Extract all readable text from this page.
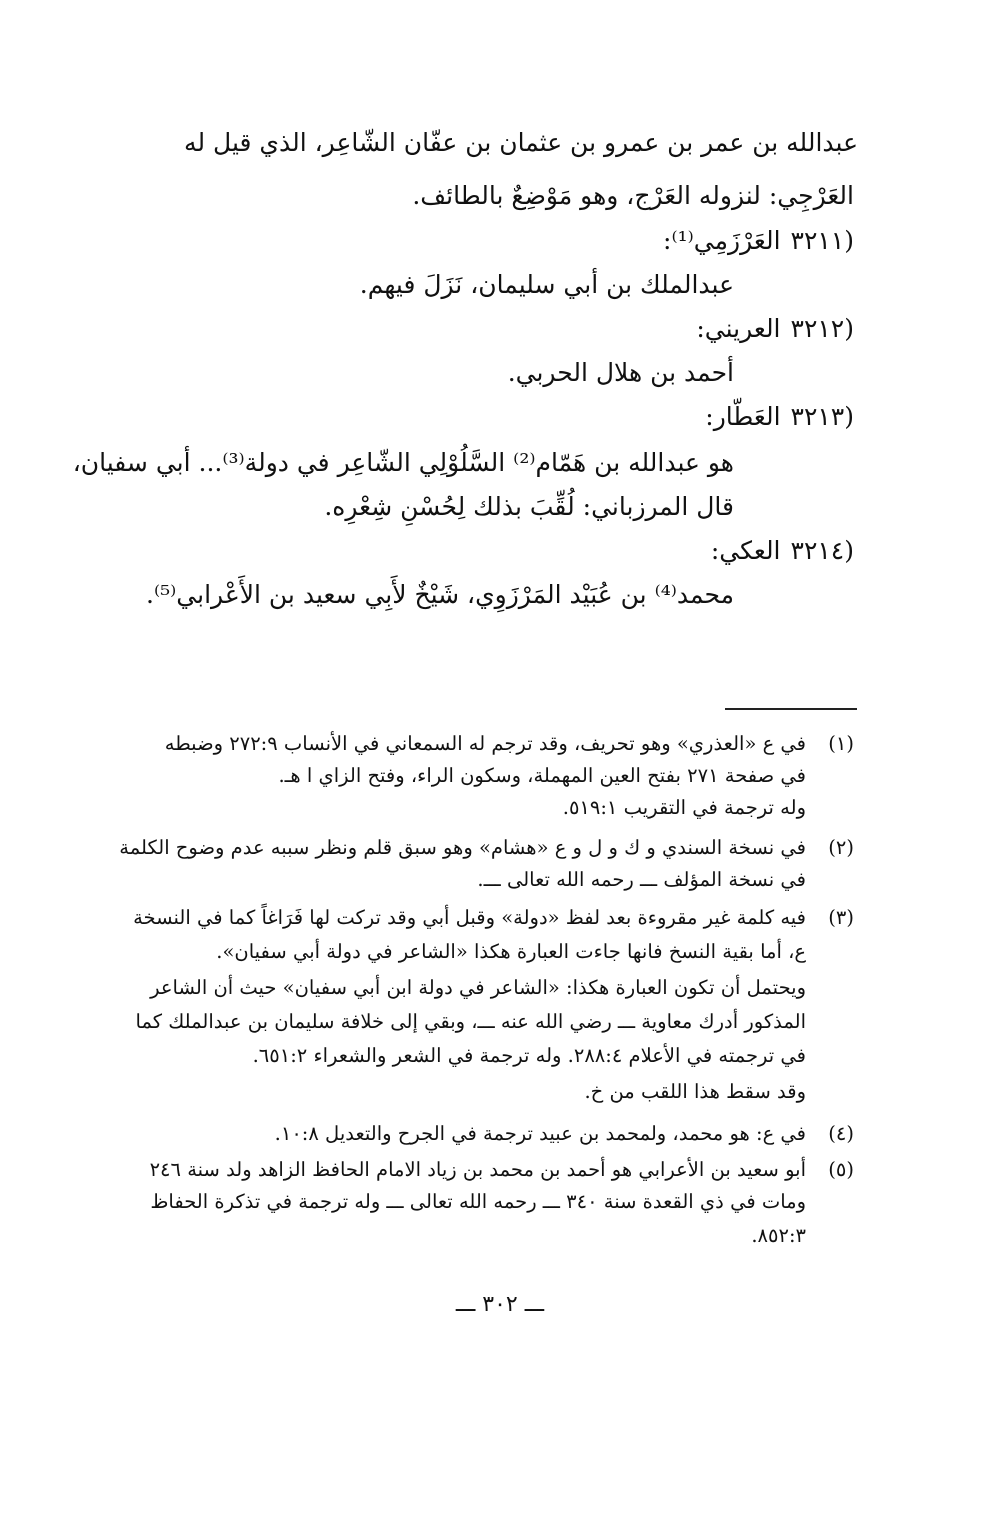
عبدالله بن عمر بن عمرو بن عثمان بن عفّان الشّاعِر، الذي قيل له
العَرْجِي: لنزوله العَرْج، وهو مَوْضِعٌ بالطائف.
(٣٢١١العَرْزَمِي⁽¹⁾:
عبدالملك بن أبي سليمان، نَزَلَ فيهم.
(٣٢١٢العريني:
أحمد بن هلال الحربي.
(٣٢١٣العَطّار:
هو عبدالله بن هَمّام⁽²⁾ السَّلُوْلِي الشّاعِر في دولة⁽³⁾... أبي سفيان،
قال المرزباني: لُقِّبَ بذلك لِحُسْنِ شِعْرِه.
(٣٢١٤العكي:
محمد⁽⁴⁾ بن عُبَيْد المَرْزَوِي، شَيْخٌ لأَبِي سعيد بن الأَعْرابي⁽⁵⁾.
(١)
في ع «العذري» وهو تحريف، وقد ترجم له السمعاني في الأنساب ٢٧٢:٩ وضبطه
في صفحة ٢٧١ بفتح العين المهملة، وسكون الراء، وفتح الزاي ا هـ.
وله ترجمة في التقريب ٥١٩:١.
(٢)
في نسخة السندي و ك و ل و ع «هشام» وهو سبق قلم ونظر سببه عدم وضوح الكلمة
في نسخة المؤلف ـــ رحمه الله تعالى ـــ.
(٣)
فيه كلمة غير مقروءة بعد لفظ «دولة» وقبل أبي وقد تركت لها فَرَاغاً كما في النسخة
ع، أما بقية النسخ فانها جاءت العبارة هكذا «الشاعر في دولة أبي سفيان».
ويحتمل أن تكون العبارة هكذا: «الشاعر في دولة ابن أبي سفيان» حيث أن الشاعر
المذكور أدرك معاوية ـــ رضي الله عنه ـــ، وبقي إلى خلافة سليمان بن عبدالملك كما
في ترجمته في الأعلام ٢٨٨:٤. وله ترجمة في الشعر والشعراء ٦٥١:٢.
وقد سقط هذا اللقب من خ.
(٤)
في ع: هو محمد، ولمحمد بن عبيد ترجمة في الجرح والتعديل ١٠:٨.
(٥)
أبو سعيد بن الأعرابي هو أحمد بن محمد بن زياد الامام الحافظ الزاهد ولد سنة ٢٤٦
ومات في ذي القعدة سنة ٣٤٠ ـــ رحمه الله تعالى ـــ وله ترجمة في تذكرة الحفاظ
٨٥٢:٣.
ـــ ٣٠٢ ـــ
